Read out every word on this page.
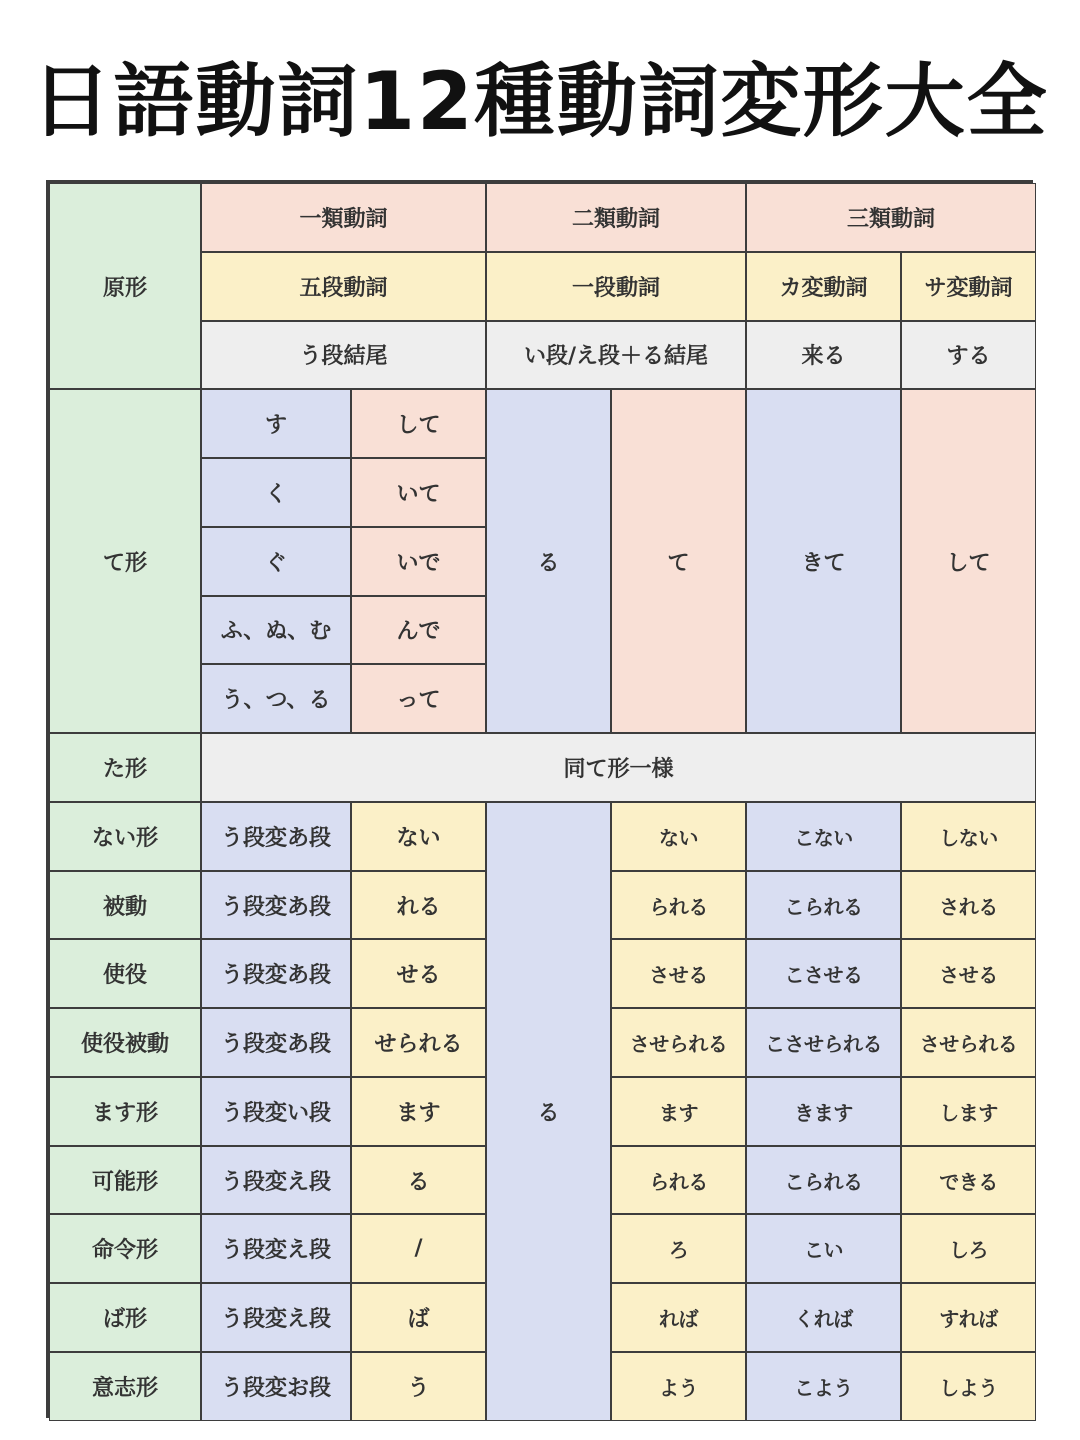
日語動詞12種動詞変形大全
原形
一類動詞	二類動詞	三類動詞
五段動詞	一段動詞	カ変動詞	サ変動詞
う段結尾	い段/え段＋る結尾	来る	する
て形
す	して
く	いて
ぐ	いで
ふ、ぬ、む	んで
う、つ、る	って
る	て	きて	して
た形	同て形一様
る
ない形	う段変あ段	ない	ない	こない	しない
被動	う段変あ段	れる	られる	こられる	される
使役	う段変あ段	せる	させる	こさせる	させる
使役被動	う段変あ段	せられる	させられる	こさせられる	させられる
ます形	う段変い段	ます	ます	きます	します
可能形	う段変え段	る	られる	こられる	できる
命令形	う段変え段	/	ろ	こい	しろ
ば形	う段変え段	ば	れば	くれば	すれば
意志形	う段変お段	う	よう	こよう	しよう
